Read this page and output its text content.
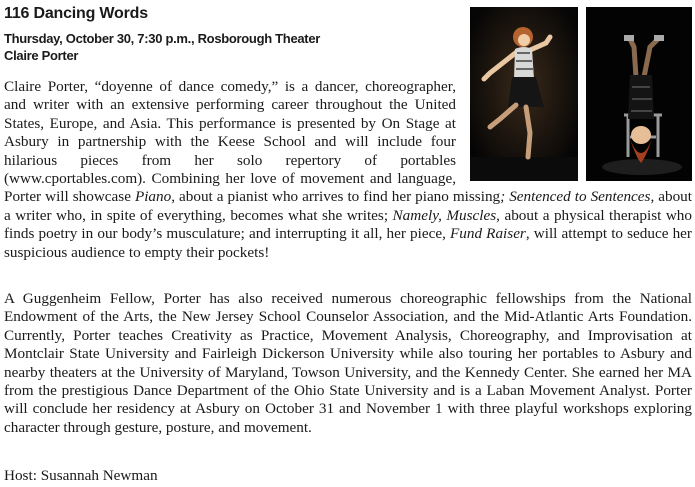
116 Dancing Words
Thursday, October 30, 7:30 p.m., Rosborough Theater
Claire Porter
Claire Porter, “doyenne of dance comedy,” is a dancer, choreographer, and writer with an extensive performing career throughout the United States, Europe, and Asia. This performance is presented by On Stage at Asbury in partnership with the Keese School and will include four hilarious pieces from her solo repertory of portables (www.cportables.com). Combining her love of movement and language, Porter will showcase Piano, about a pianist who arrives to find her piano missing; Sentenced to Sentences, about a writer who, in spite of everything, becomes what she writes; Namely, Muscles, about a physical therapist who finds poetry in our body’s musculature; and interrupting it all, her piece, Fund Raiser, will attempt to seduce her suspicious audience to empty their pockets!
A Guggenheim Fellow, Porter has also received numerous choreographic fellowships from the National Endowment of the Arts, the New Jersey School Counselor Association, and the Mid-Atlantic Arts Foundation. Currently, Porter teaches Creativity as Practice, Movement Analysis, Choreography, and Improvisation at Montclair State University and Fairleigh Dickerson University while also touring her portables to Asbury and nearby theaters at the University of Maryland, Towson University, and the Kennedy Center. She earned her MA from the prestigious Dance Department of the Ohio State University and is a Laban Movement Analyst. Porter will conclude her residency at Asbury on October 31 and November 1 with three playful workshops exploring character through gesture, posture, and movement.
Host: Susannah Newman
